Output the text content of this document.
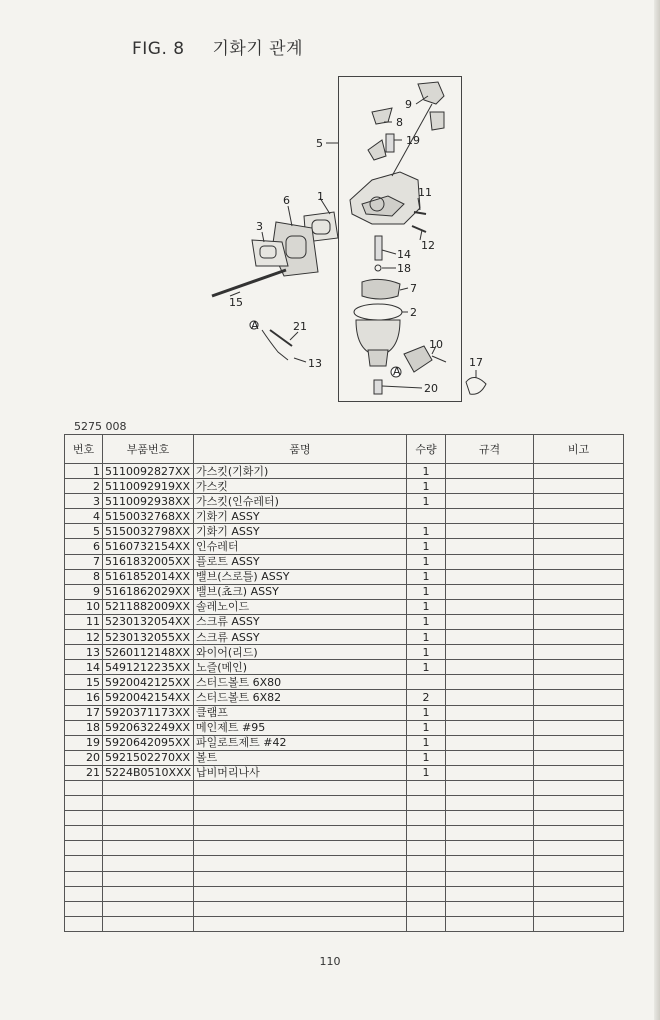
FIG. 8 기화기 관계
A
A
1
2
3
5
6
7
8
9
10
11
12
13
14
15
17
18
19
20
21
5275 008
번호	부품번호	품명	수량	규격	비고
1	5110092827XX	가스킷(기화기)	1		
2	5110092919XX	가스킷	1		
3	5110092938XX	가스킷(인슈레터)	1		
4	5150032768XX	기화기 ASSY			
5	5150032798XX	기화기 ASSY	1		
6	5160732154XX	인슈레터	1		
7	5161832005XX	플로트 ASSY	1		
8	5161852014XX	밸브(스로틀) ASSY	1		
9	5161862029XX	밸브(쵸크) ASSY	1		
10	5211882009XX	솔레노이드	1		
11	5230132054XX	스크류 ASSY	1		
12	5230132055XX	스크류 ASSY	1		
13	5260112148XX	와이어(리드)	1		
14	5491212235XX	노즐(메인)	1		
15	5920042125XX	스터드볼트 6X80			
16	5920042154XX	스터드볼트 6X82	2		
17	5920371173XX	클램프	1		
18	5920632249XX	메인제트 #95	1		
19	5920642095XX	파일로트제트 #42	1		
20	5921502270XX	볼트	1		
21	5224B0510XXX	납비머리나사	1		

110
